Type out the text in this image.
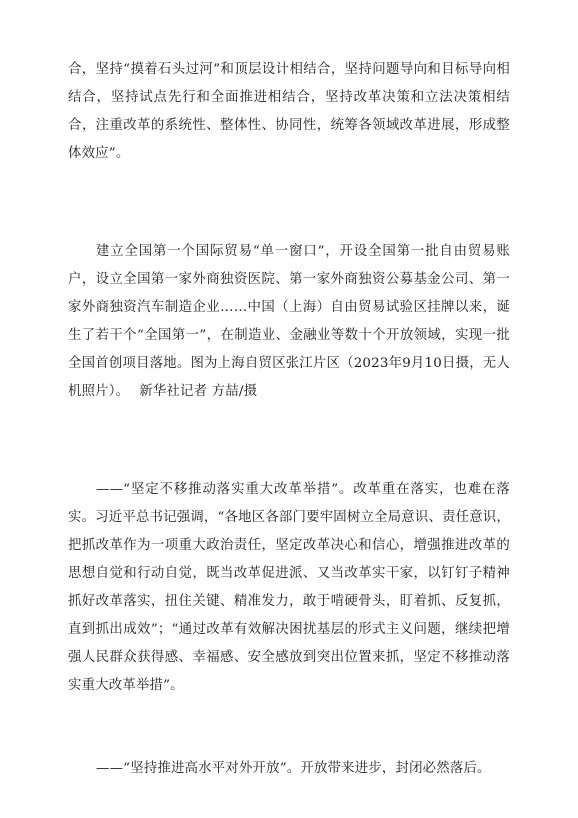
合，坚持“摸着石头过河”和顶层设计相结合，坚持问题导向和目标导向相结合，坚持试点先行和全面推进相结合，坚持改革决策和立法决策相结合，注重改革的系统性、整体性、协同性，统筹各领域改革进展，形成整体效应”。

建立全国第一个国际贸易“单一窗口”，开设全国第一批自由贸易账户，设立全国第一家外商独资医院、第一家外商独资公募基金公司、第一家外商独资汽车制造企业……中国（上海）自由贸易试验区挂牌以来，诞生了若干个“全国第一”，在制造业、金融业等数十个开放领域，实现一批全国首创项目落地。图为上海自贸区张江片区（2023年9月10日摄，无人机照片）。 新华社记者 方喆/摄

——“坚定不移推动落实重大改革举措”。改革重在落实，也难在落实。习近平总书记强调，“各地区各部门要牢固树立全局意识、责任意识，把抓改革作为一项重大政治责任，坚定改革决心和信心，增强推进改革的思想自觉和行动自觉，既当改革促进派、又当改革实干家，以钉钉子精神抓好改革落实，扭住关键、精准发力，敢于啃硬骨头，盯着抓、反复抓，直到抓出成效”；“通过改革有效解决困扰基层的形式主义问题，继续把增强人民群众获得感、幸福感、安全感放到突出位置来抓，坚定不移推动落实重大改革举措”。

——“坚持推进高水平对外开放”。开放带来进步，封闭必然落后。
